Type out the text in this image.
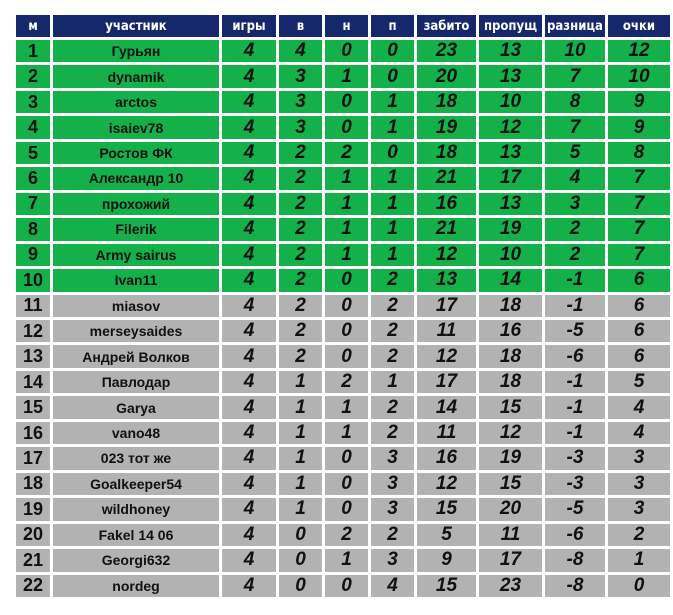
м	участник	игры	в	н	п	забито	пропущ	разница	очки
1	Гурьян	4	4	0	0	23	13	10	12
2	dynamik	4	3	1	0	20	13	7	10
3	arctos	4	3	0	1	18	10	8	9
4	isaiev78	4	3	0	1	19	12	7	9
5	Ростов ФК	4	2	2	0	18	13	5	8
6	Александр 10	4	2	1	1	21	17	4	7
7	прохожий	4	2	1	1	16	13	3	7
8	Filerik	4	2	1	1	21	19	2	7
9	Army sairus	4	2	1	1	12	10	2	7
10	Ivan11	4	2	0	2	13	14	-1	6
11	miasov	4	2	0	2	17	18	-1	6
12	merseysaides	4	2	0	2	11	16	-5	6
13	Андрей Волков	4	2	0	2	12	18	-6	6
14	Павлодар	4	1	2	1	17	18	-1	5
15	Garya	4	1	1	2	14	15	-1	4
16	vano48	4	1	1	2	11	12	-1	4
17	023 тот же	4	1	0	3	16	19	-3	3
18	Goalkeeper54	4	1	0	3	12	15	-3	3
19	wildhoney	4	1	0	3	15	20	-5	3
20	Fakel 14 06	4	0	2	2	5	11	-6	2
21	Georgi632	4	0	1	3	9	17	-8	1
22	nordeg	4	0	0	4	15	23	-8	0
